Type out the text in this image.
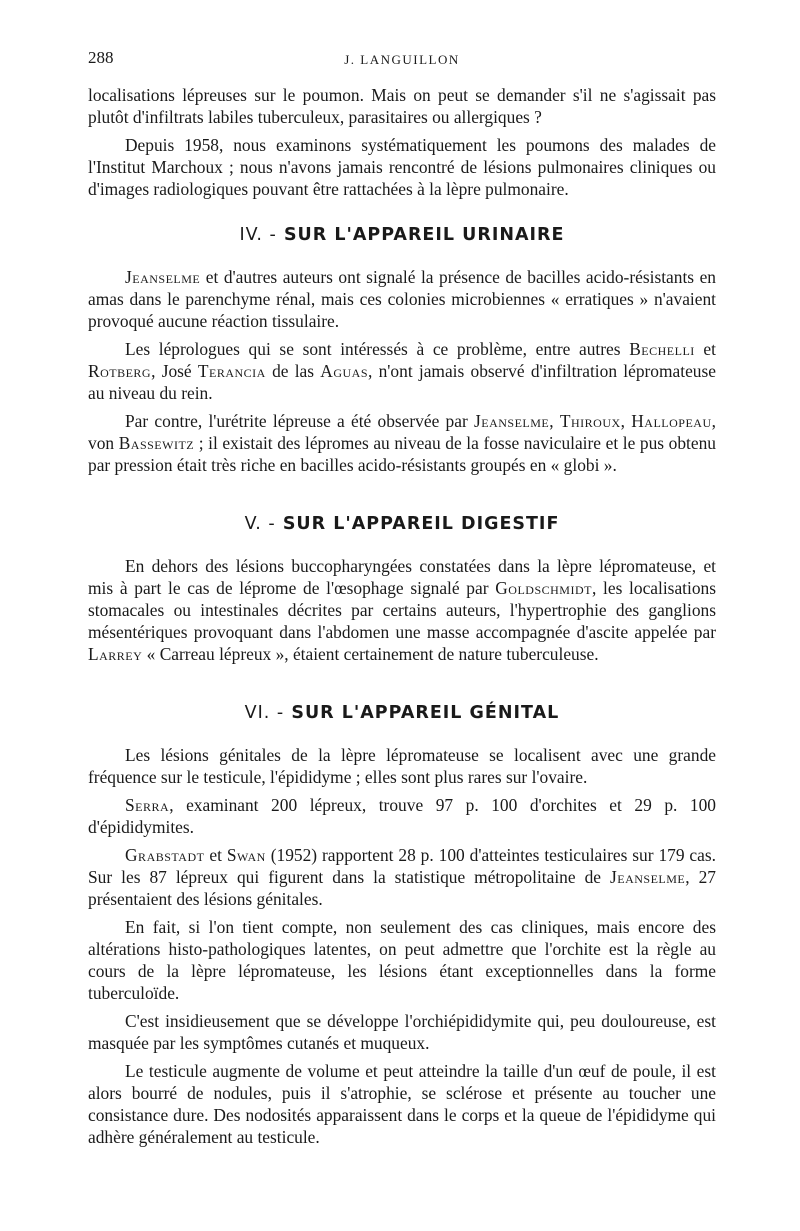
288	J. LANGUILLON

localisations lépreuses sur le poumon. Mais on peut se demander s'il ne s'agissait pas plutôt d'infiltrats labiles tuberculeux, parasitaires ou allergiques ?

Depuis 1958, nous examinons systématiquement les poumons des malades de l'Institut Marchoux ; nous n'avons jamais rencontré de lésions pulmonaires cliniques ou d'images radiologiques pouvant être rattachées à la lèpre pulmonaire.

IV. - SUR L'APPAREIL URINAIRE

Jeanselme et d'autres auteurs ont signalé la présence de bacilles acido-résistants en amas dans le parenchyme rénal, mais ces colonies microbiennes « erratiques » n'avaient provoqué aucune réaction tissulaire.

Les léprologues qui se sont intéressés à ce problème, entre autres Bechelli et Rotberg, José Terancia de las Aguas, n'ont jamais observé d'infiltration lépromateuse au niveau du rein.

Par contre, l'urétrite lépreuse a été observée par Jeanselme, Thiroux, Hallopeau, von Bassewitz ; il existait des lépromes au niveau de la fosse naviculaire et le pus obtenu par pression était très riche en bacilles acido-résistants groupés en « globi ».

V. - SUR L'APPAREIL DIGESTIF

En dehors des lésions buccopharyngées constatées dans la lèpre lépromateuse, et mis à part le cas de léprome de l'œsophage signalé par Goldschmidt, les localisations stomacales ou intestinales décrites par certains auteurs, l'hypertrophie des ganglions mésentériques provoquant dans l'abdomen une masse accompagnée d'ascite appelée par Larrey « Carreau lépreux », étaient certainement de nature tuberculeuse.

VI. - SUR L'APPAREIL GÉNITAL

Les lésions génitales de la lèpre lépromateuse se localisent avec une grande fréquence sur le testicule, l'épididyme ; elles sont plus rares sur l'ovaire.

Serra, examinant 200 lépreux, trouve 97 p. 100 d'orchites et 29 p. 100 d'épididymites.

Grabstadt et Swan (1952) rapportent 28 p. 100 d'atteintes testiculaires sur 179 cas. Sur les 87 lépreux qui figurent dans la statistique métropolitaine de Jeanselme, 27 présentaient des lésions génitales.

En fait, si l'on tient compte, non seulement des cas cliniques, mais encore des altérations histo-pathologiques latentes, on peut admettre que l'orchite est la règle au cours de la lèpre lépromateuse, les lésions étant exceptionnelles dans la forme tuberculoïde.

C'est insidieusement que se développe l'orchiépididymite qui, peu douloureuse, est masquée par les symptômes cutanés et muqueux.

Le testicule augmente de volume et peut atteindre la taille d'un œuf de poule, il est alors bourré de nodules, puis il s'atrophie, se sclérose et présente au toucher une consistance dure. Des nodosités apparaissent dans le corps et la queue de l'épididyme qui adhère généralement au testicule.
